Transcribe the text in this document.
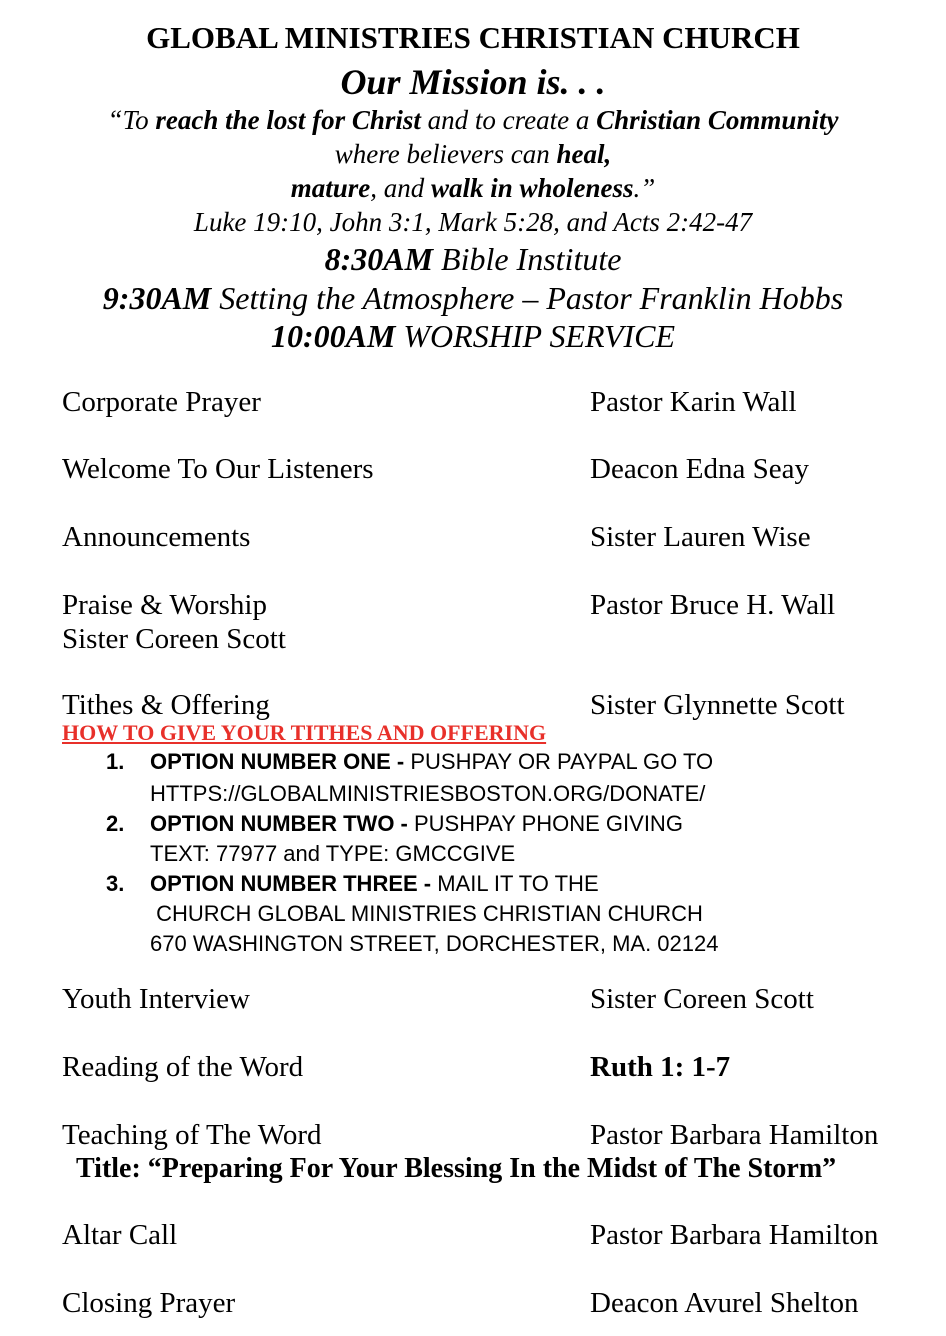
GLOBAL MINISTRIES CHRISTIAN CHURCH
Our Mission is. . .
“To reach the lost for Christ and to create a Christian Community
where believers can heal,
mature, and walk in wholeness.”
Luke 19:10, John 3:1, Mark 5:28, and Acts 2:42-47
8:30AM Bible Institute
9:30AM Setting the Atmosphere – Pastor Franklin Hobbs
10:00AM WORSHIP SERVICE
Corporate Prayer	Pastor Karin Wall
Welcome To Our Listeners	Deacon Edna Seay
Announcements	Sister Lauren Wise
Praise & Worship	Pastor Bruce H. Wall
Sister Coreen Scott
Tithes & Offering	Sister Glynnette Scott
HOW TO GIVE YOUR TITHES AND OFFERING
1. OPTION NUMBER ONE - PUSHPAY OR PAYPAL GO TO
HTTPS://GLOBALMINISTRIESBOSTON.ORG/DONATE/
2. OPTION NUMBER TWO - PUSHPAY PHONE GIVING
TEXT: 77977 and TYPE: GMCCGIVE
3. OPTION NUMBER THREE - MAIL IT TO THE
CHURCH GLOBAL MINISTRIES CHRISTIAN CHURCH
670 WASHINGTON STREET, DORCHESTER, MA. 02124
Youth Interview	Sister Coreen Scott
Reading of the Word	Ruth 1: 1-7
Teaching of The Word	Pastor Barbara Hamilton
Title: “Preparing For Your Blessing In the Midst of The Storm”
Altar Call	Pastor Barbara Hamilton
Closing Prayer	Deacon Avurel Shelton
